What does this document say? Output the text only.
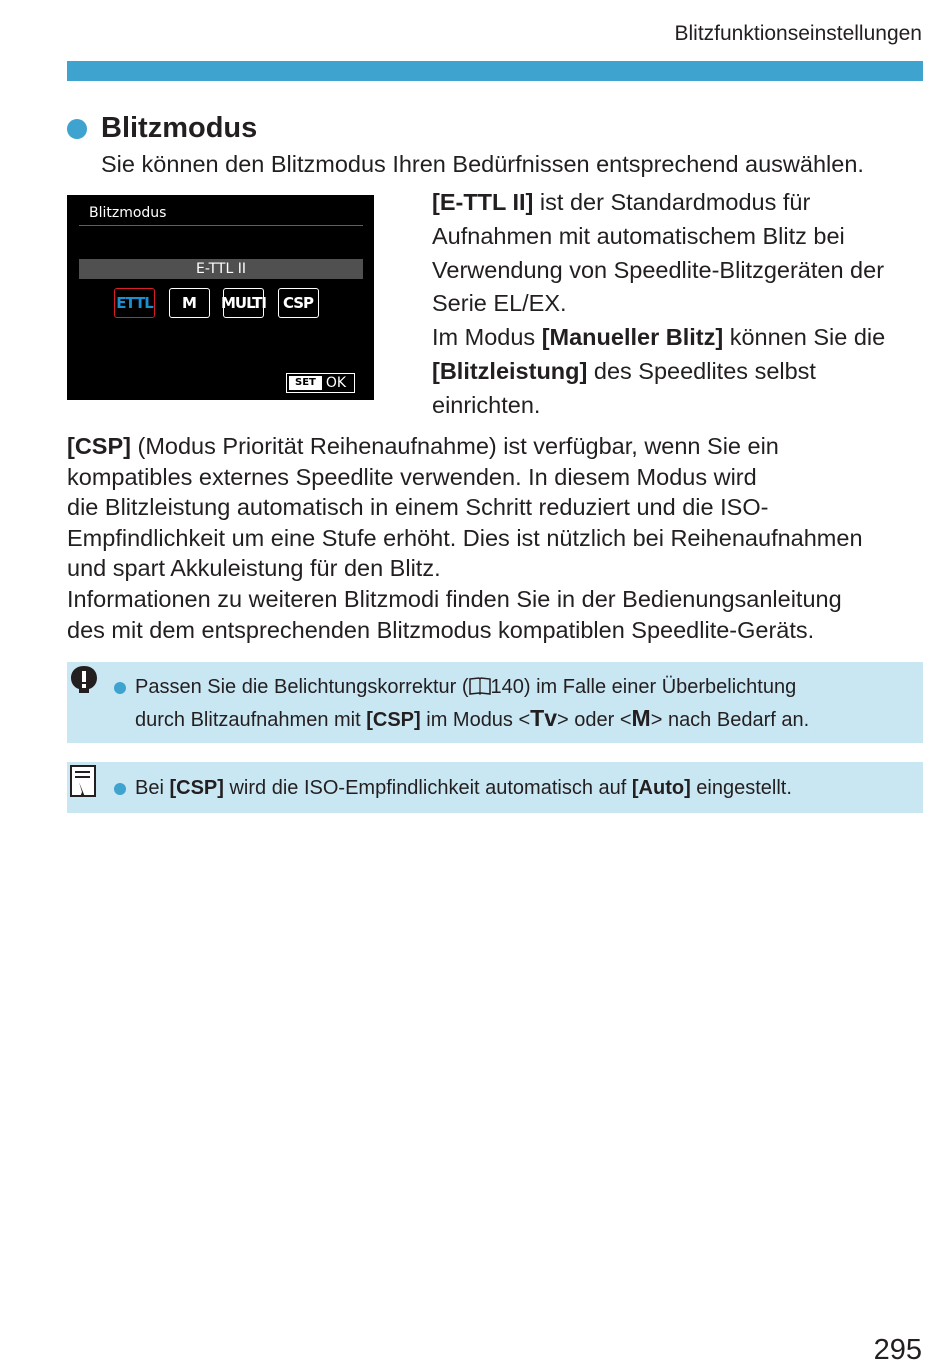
Blitzfunktionseinstellungen
Blitzmodus
Sie können den Blitzmodus Ihren Bedürfnissen entsprechend auswählen.
Blitzmodus
E-TTL II
ETTL	M	MULTI	CSP
SET OK
[E-TTL II] ist der Standardmodus für Aufnahmen mit automatischem Blitz bei Verwendung von Speedlite-Blitzgeräten der Serie EL/EX.
Im Modus [Manueller Blitz] können Sie die [Blitzleistung] des Speedlites selbst einrichten.

[CSP] (Modus Priorität Reihenaufnahme) ist verfügbar, wenn Sie ein
kompatibles externes Speedlite verwenden. In diesem Modus wird
die Blitzleistung automatisch in einem Schritt reduziert und die ISO-
Empfindlichkeit um eine Stufe erhöht. Dies ist nützlich bei Reihenaufnahmen
und spart Akkuleistung für den Blitz.

Informationen zu weiteren Blitzmodi finden Sie in der Bedienungsanleitung
des mit dem entsprechenden Blitzmodus kompatiblen Speedlite-Geräts.

Passen Sie die Belichtungskorrektur ( 140) im Falle einer Überbelichtung
durch Blitzaufnahmen mit [CSP] im Modus <Tv> oder <M> nach Bedarf an.
Bei [CSP] wird die ISO-Empfindlichkeit automatisch auf [Auto] eingestellt.
295
